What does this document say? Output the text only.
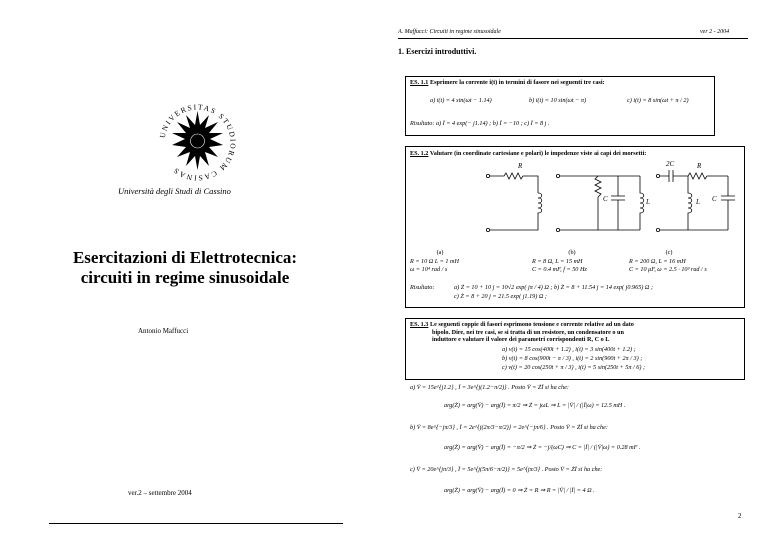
UNIVERSITAS STUDIORUM CASINAS
Università degli Studi di Cassino
Esercitazioni di Elettrotecnica:
circuiti in regime sinusoidale
Antonio Maffucci
ver.2 – settembre 2004
A. Maffucci: Circuiti in regime sinusoidale	ver 2 - 2004
1. Esercizi introduttivi.
ES. 1.1 Esprimere la corrente i(t) in termini di fasore nei seguenti tre casi:
a) i(t) = 4 sin(ωt − 1.14)	b) i(t) = 10 sin(ωt − π)	c) i(t) = 8 sin(ωt + π / 2)
Risultato: a) Ī = 4 exp(− j1.14) ; b) Ī = −10 ; c) Ī = 8 j .
ES. 1.2 Valutare (in coordinate cartesiane e polari) le impedenze viste ai capi dei morsetti:
R
C	L
2C	R
L C
(a)
R = 10 Ω L = 1 mH
ω = 10⁴ rad / s
(b)
R = 8 Ω, L = 15 mH
C = 0.4 mF, f = 50 Hz
(c)
R = 200 Ω, L = 16 mH
C = 10 μF, ω = 2.5 · 10³ rad / s
Risultato:	a) Ż = 10 + 10 j = 10√2 exp( jπ / 4) Ω ; b) Ż = 8 + 11.54 j = 14 exp( j0.965) Ω ;
c) Ż = 8 + 20 j = 21.5 exp( j1.19) Ω ;
ES. 1.3 Le seguenti coppie di fasori esprimono tensione e corrente relative ad un dato
bipolo. Dire, nei tre casi, se si tratta di un resistore, un condensatore o un
induttore e valutare il valore dei parametri corrispondenti R, C o L
a) v(t) = 15 cos(400t + 1.2) , i(t) = 3 sin(400t + 1.2) ;
b) v(t) = 8 cos(900t − π / 3) , i(t) = 2 sin(900t + 2π / 3) ;
c) v(t) = 20 cos(250t + π / 3) , i(t) = 5 sin(250t + 5π / 6) ;
a) V̄ = 15e^{j1.2} , Ī = 3e^{j(1.2−π/2)} . Posto V̄ = ŻĪ si ha che:
arg(Ż) = arg(V̄) − arg(Ī) = π/2 ⇒ Ż = jωL ⇒ L = |V̄| / (|Ī|ω) = 12.5 mH .
b) V̄ = 8e^{−jπ/3} , Ī = 2e^{j(2π/3−π/2)} = 2e^{−jπ/6} . Posto V̄ = ŻĪ si ha che:
arg(Ż) = arg(V̄) − arg(Ī) = −π/2 ⇒ Ż = −j/(ωC) ⇒ C = |Ī| / (|V̄|ω) = 0.28 mF .
c) V̄ = 20e^{jπ/3} , Ī = 5e^{j(5π/6−π/2)} = 5e^{jπ/3} . Posto V̄ = ŻĪ si ha che:
arg(Ż) = arg(V̄) − arg(Ī) = 0 ⇒ Ż = R ⇒ R = |V̄| / |Ī| = 4 Ω .
2
